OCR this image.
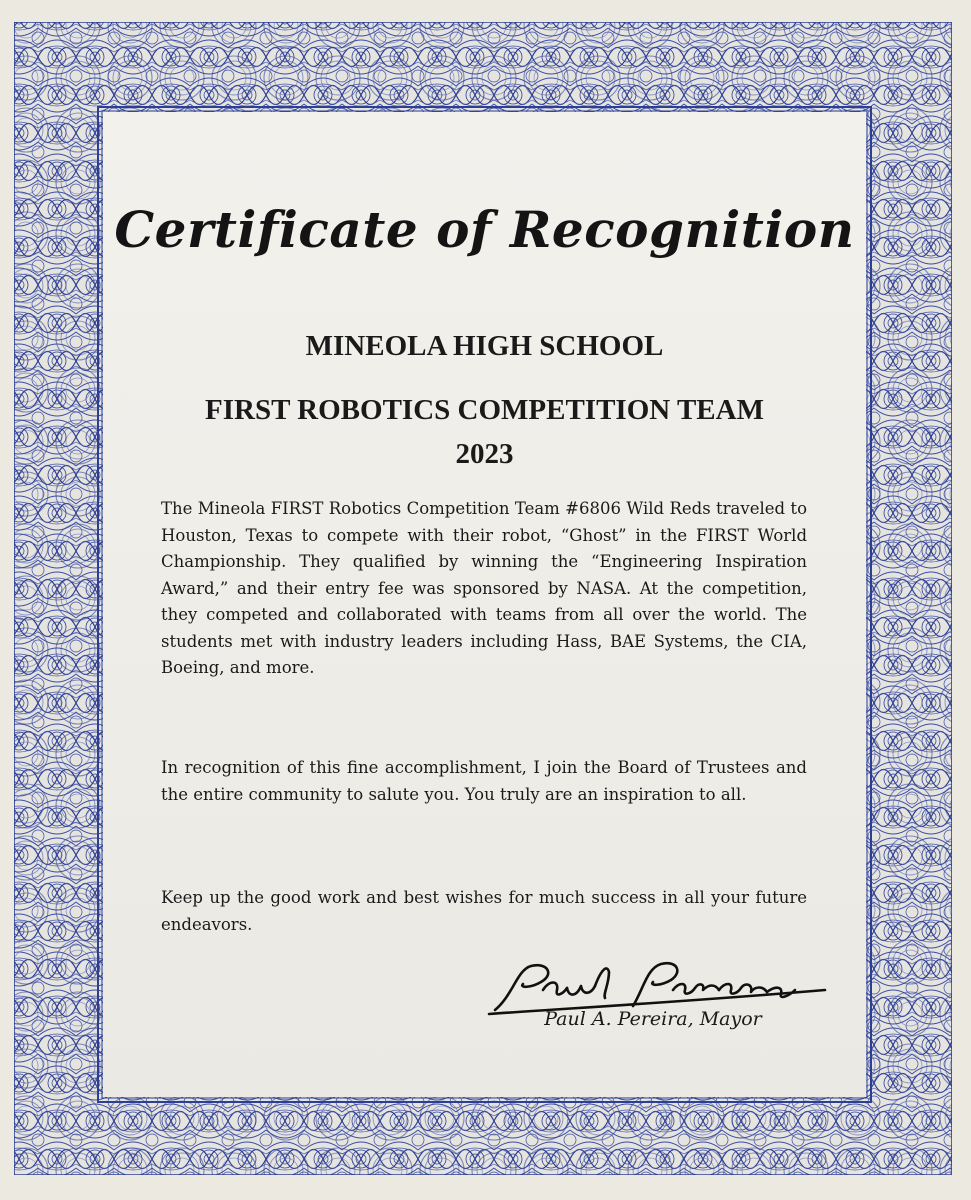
Certificate of Recognition
MINEOLA HIGH SCHOOL
FIRST ROBOTICS COMPETITION TEAM
2023

The Mineola FIRST Robotics Competition Team #6806 Wild Reds traveled to Houston, Texas to compete with their robot, “Ghost” in the FIRST World Championship. They qualified by winning the “Engineering Inspiration Award,” and their entry fee was sponsored by NASA. At the competition, they competed and collaborated with teams from all over the world. The students met with industry leaders including Hass, BAE Systems, the CIA, Boeing, and more.

In recognition of this fine accomplishment, I join the Board of Trustees and the entire community to salute you. You truly are an inspiration to all.

Keep up the good work and best wishes for much success in all your future endeavors.

Paul A. Pereira, Mayor
